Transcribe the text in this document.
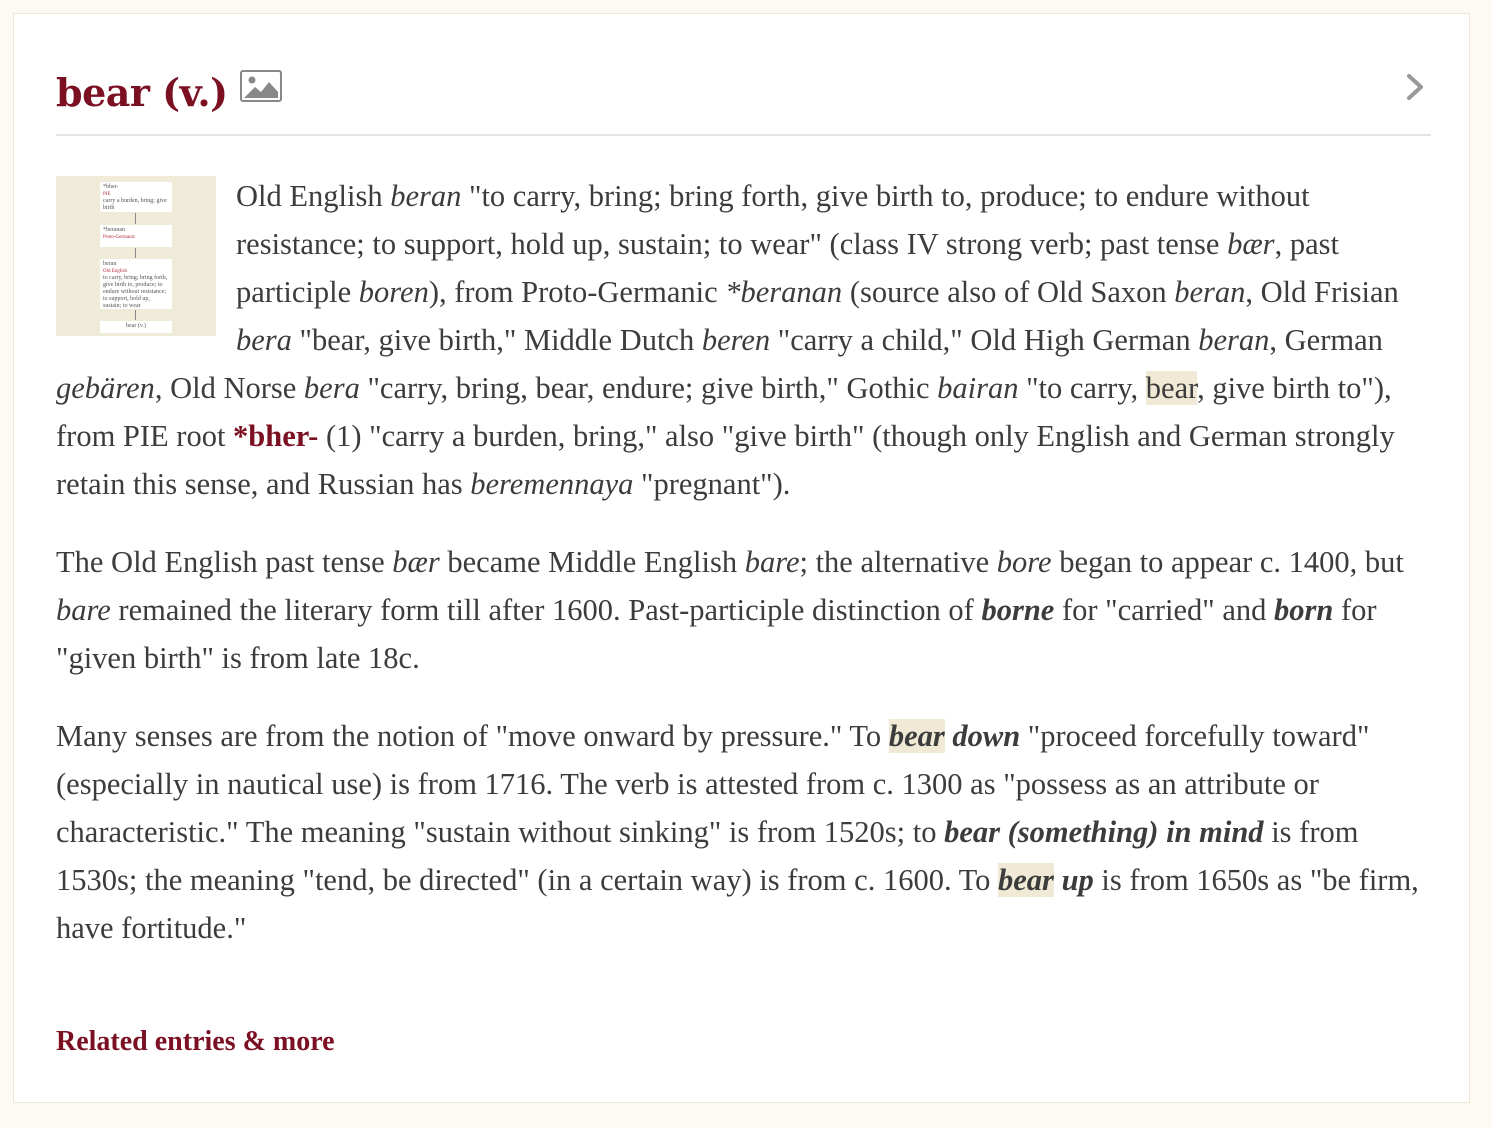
bear (v.)

*bher-
PIE
carry a burden, bring; give birth
*beranan
Proto-Germanic
beran
Old English
to carry, bring; bring forth, give birth to, produce; to endure without resistance; to support, hold up, sustain; to wear
bear (v.)
Old English beran "to carry, bring; bring forth, give birth to, produce; to endure without resistance; to support, hold up, sustain; to wear" (class IV strong verb; past tense bær, past participle boren), from Proto-Germanic *beranan (source also of Old Saxon beran, Old Frisian bera "bear, give birth," Middle Dutch beren "carry a child," Old High German beran, German gebären, Old Norse bera "carry, bring, bear, endure; give birth," Gothic bairan "to carry, bear, give birth to"), from PIE root *bher- (1) "carry a burden, bring," also "give birth" (though only English and German strongly retain this sense, and Russian has beremennaya "pregnant").

The Old English past tense bær became Middle English bare; the alternative bore began to appear c. 1400, but bare remained the literary form till after 1600. Past-participle distinction of borne for "carried" and born for "given birth" is from late 18c.

Many senses are from the notion of "move onward by pressure." To bear down "proceed forcefully toward" (especially in nautical use) is from 1716. The verb is attested from c. 1300 as "possess as an attribute or characteristic." The meaning "sustain without sinking" is from 1520s; to bear (something) in mind is from 1530s; the meaning "tend, be directed" (in a certain way) is from c. 1600. To bear up is from 1650s as "be firm, have fortitude."

Related entries & more
